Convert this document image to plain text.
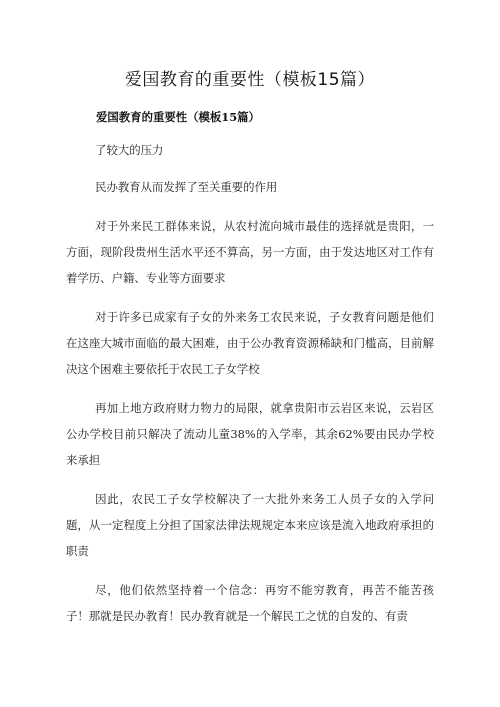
爱国教育的重要性（模板15篇）
爱国教育的重要性（模板15篇）

了较大的压力

民办教育从而发挥了至关重要的作用

对于外来民工群体来说，从农村流向城市最佳的选择就是贵阳，一方面，现阶段贵州生活水平还不算高，另一方面，由于发达地区对工作有着学历、户籍、专业等方面要求

对于许多已成家有子女的外来务工农民来说，子女教育问题是他们在这座大城市面临的最大困难，由于公办教育资源稀缺和门槛高，目前解决这个困难主要依托于农民工子女学校

再加上地方政府财力物力的局限，就拿贵阳市云岩区来说，云岩区公办学校目前只解决了流动儿童38%的入学率，其余62%要由民办学校来承担

因此，农民工子女学校解决了一大批外来务工人员子女的入学问题，从一定程度上分担了国家法律法规规定本来应该是流入地政府承担的职责

尽，他们依然坚持着一个信念：再穷不能穷教育，再苦不能苦孩子！那就是民办教育！民办教育就是一个解民工之忧的自发的、有责
